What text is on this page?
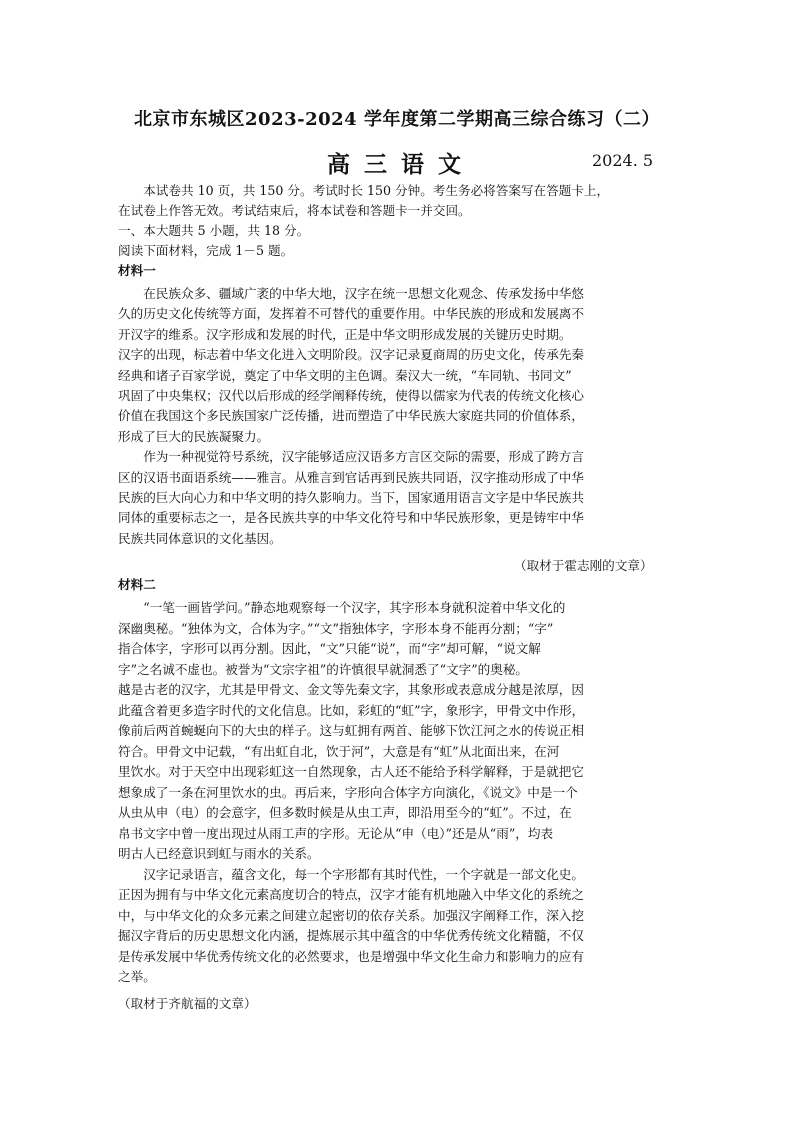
北京市东城区2023-2024 学年度第二学期高三综合练习（二）
高三语文	2024. 5
　　本试卷共 10 页，共 150 分。考试时长 150 分钟。考生务必将答案写在答题卡上，
在试卷上作答无效。考试结束后，将本试卷和答题卡一并交回。
一、本大题共 5 小题，共 18 分。
阅读下面材料，完成 1－5 题。
材料一
　　在民族众多、疆域广袤的中华大地，汉字在统一思想文化观念、传承发扬中华悠
久的历史文化传统等方面，发挥着不可替代的重要作用。中华民族的形成和发展离不
开汉字的维系。汉字形成和发展的时代，正是中华文明形成发展的关键历史时期。
汉字的出现，标志着中华文化进入文明阶段。汉字记录夏商周的历史文化，传承先秦
经典和诸子百家学说，奠定了中华文明的主色调。秦汉大一统，“车同轨、书同文”
巩固了中央集权；汉代以后形成的经学阐释传统，使得以儒家为代表的传统文化核心
价值在我国这个多民族国家广泛传播，进而塑造了中华民族大家庭共同的价值体系，
形成了巨大的民族凝聚力。
　　作为一种视觉符号系统，汉字能够适应汉语多方言区交际的需要，形成了跨方言
区的汉语书面语系统——雅言。从雅言到官话再到民族共同语，汉字推动形成了中华
民族的巨大向心力和中华文明的持久影响力。当下，国家通用语言文字是中华民族共
同体的重要标志之一，是各民族共享的中华文化符号和中华民族形象，更是铸牢中华
民族共同体意识的文化基因。
（取材于霍志刚的文章）
材料二
　　“一笔一画皆学问。”静态地观察每一个汉字，其字形本身就积淀着中华文化的
深幽奥秘。“独体为文，合体为字。”“文”指独体字，字形本身不能再分割；“字”
指合体字，字形可以再分割。因此，“文”只能“说”，而“字”却可解，“说文解
字”之名诚不虚也。被誉为“文宗字祖”的许慎很早就洞悉了“文字”的奥秘。
越是古老的汉字，尤其是甲骨文、金文等先秦文字，其象形或表意成分越是浓厚，因
此蕴含着更多造字时代的文化信息。比如，彩虹的“虹”字，象形字，甲骨文中作形，
像前后两首蜿蜒向下的大虫的样子。这与虹拥有两首、能够下饮江河之水的传说正相
符合。甲骨文中记载，“有出虹自北，饮于河”，大意是有“虹”从北面出来，在河
里饮水。对于天空中出现彩虹这一自然现象，古人还不能给予科学解释，于是就把它
想象成了一条在河里饮水的虫。再后来，字形向合体字方向演化，《说文》中是一个
从虫从申（电）的会意字，但多数时候是从虫工声，即沿用至今的“虹”。不过，在
帛书文字中曾一度出现过从雨工声的字形。无论从“申（电）”还是从“雨”，均表
明古人已经意识到虹与雨水的关系。
　　汉字记录语言，蕴含文化，每一个字形都有其时代性，一个字就是一部文化史。
正因为拥有与中华文化元素高度切合的特点，汉字才能有机地融入中华文化的系统之
中，与中华文化的众多元素之间建立起密切的依存关系。加强汉字阐释工作，深入挖
掘汉字背后的历史思想文化内涵，提炼展示其中蕴含的中华优秀传统文化精髓，不仅
是传承发展中华优秀传统文化的必然要求，也是增强中华文化生命力和影响力的应有
之举。
（取材于齐航福的文章）
